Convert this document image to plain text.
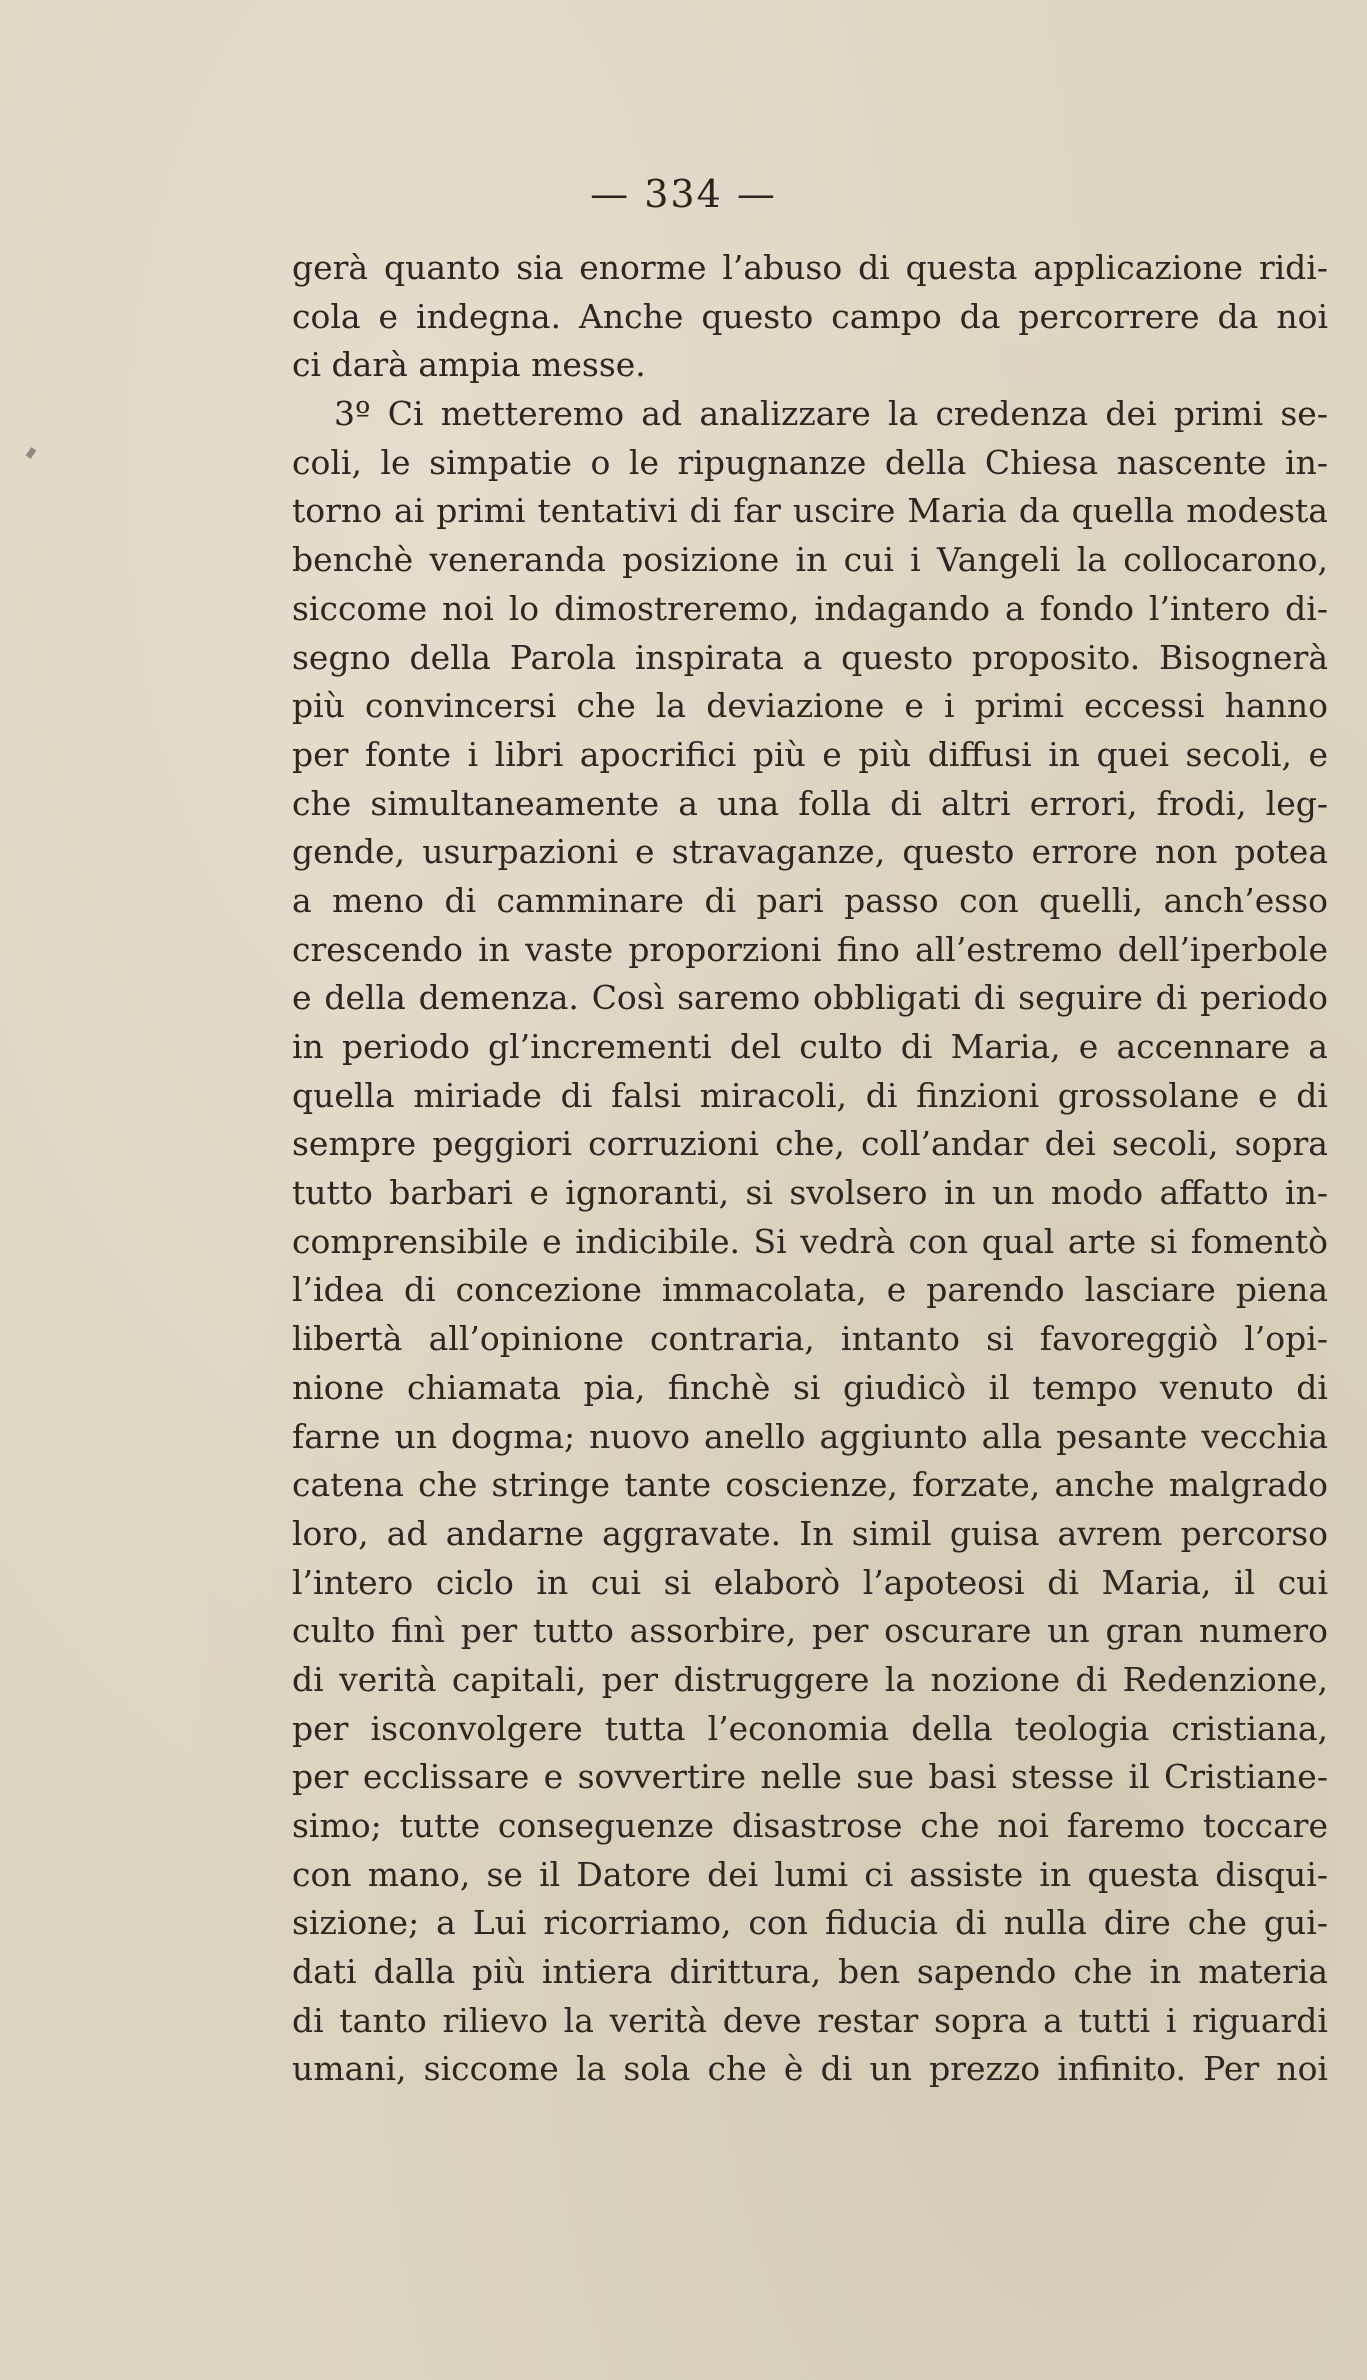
— 334 —
gerà quanto sia enorme l’abuso di questa applicazione ridi-
cola e indegna. Anche questo campo da percorrere da noi
ci darà ampia messe.
3º Ci metteremo ad analizzare la credenza dei primi se-
coli, le simpatie o le ripugnanze della Chiesa nascente in-
torno ai primi tentativi di far uscire Maria da quella modesta
benchè veneranda posizione in cui i Vangeli la collocarono,
siccome noi lo dimostreremo, indagando a fondo l’intero di-
segno della Parola inspirata a questo proposito. Bisognerà
più convincersi che la deviazione e i primi eccessi hanno
per fonte i libri apocrifici più e più diffusi in quei secoli, e
che simultaneamente a una folla di altri errori, frodi, leg-
gende, usurpazioni e stravaganze, questo errore non potea
a meno di camminare di pari passo con quelli, anch’esso
crescendo in vaste proporzioni fino all’estremo dell’iperbole
e della demenza. Così saremo obbligati di seguire di periodo
in periodo gl’incrementi del culto di Maria, e accennare a
quella miriade di falsi miracoli, di finzioni grossolane e di
sempre peggiori corruzioni che, coll’andar dei secoli, sopra
tutto barbari e ignoranti, si svolsero in un modo affatto in-
comprensibile e indicibile. Si vedrà con qual arte si fomentò
l’idea di concezione immacolata, e parendo lasciare piena
libertà all’opinione contraria, intanto si favoreggiò l’opi-
nione chiamata pia, finchè si giudicò il tempo venuto di
farne un dogma; nuovo anello aggiunto alla pesante vecchia
catena che stringe tante coscienze, forzate, anche malgrado
loro, ad andarne aggravate. In simil guisa avrem percorso
l’intero ciclo in cui si elaborò l’apoteosi di Maria, il cui
culto finì per tutto assorbire, per oscurare un gran numero
di verità capitali, per distruggere la nozione di Redenzione,
per isconvolgere tutta l’economia della teologia cristiana,
per ecclissare e sovvertire nelle sue basi stesse il Cristiane-
simo; tutte conseguenze disastrose che noi faremo toccare
con mano, se il Datore dei lumi ci assiste in questa disqui-
sizione; a Lui ricorriamo, con fiducia di nulla dire che gui-
dati dalla più intiera dirittura, ben sapendo che in materia
di tanto rilievo la verità deve restar sopra a tutti i riguardi
umani, siccome la sola che è di un prezzo infinito. Per noi
